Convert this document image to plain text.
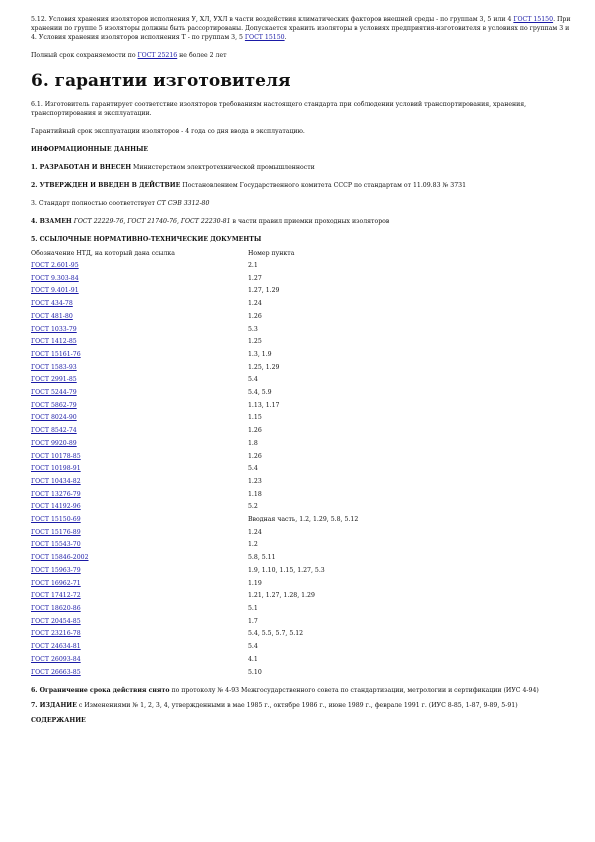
5.12. Условия хранения изоляторов исполнения У, ХЛ, УХЛ в части воздействия климатических факторов внешней среды - по группам 3, 5 или 4 ГОСТ 15150. При хранении по группе 5 изоляторы должны быть рассортированы. Допускается хранить изоляторы в условиях предприятия-изготовителя в условиях по группам 3 и 4. Условия хранения изоляторов исполнения Т - по группам 3, 5 ГОСТ 15150.

Полный срок сохраняемости по ГОСТ 25216 не более 2 лет

6. гарантии изготовителя

6.1. Изготовитель гарантирует соответствие изоляторов требованиям настоящего стандарта при соблюдении условий транспортирования, хранения, транспортирования и эксплуатации.

Гарантийный срок эксплуатации изоляторов - 4 года со дня ввода в эксплуатацию.

ИНФОРМАЦИОННЫЕ ДАННЫЕ

1. РАЗРАБОТАН И ВНЕСЕН Министерством электротехнической промышленности

2. УТВЕРЖДЕН И ВВЕДЕН В ДЕЙСТВИЕ Постановлением Государственного комитета СССР по стандартам от 11.09.83 № 3731

3. Стандарт полностью соответствует СТ СЭВ 3312-80

4. ВЗАМЕН ГОСТ 22229-76, ГОСТ 21740-76, ГОСТ 22230-81 в части правил приемки проходных изоляторов

5. ССЫЛОЧНЫЕ НОРМАТИВНО-ТЕХНИЧЕСКИЕ ДОКУМЕНТЫ

Обозначение НТД, на который дана ссылка	Номер пункта
ГОСТ 2.601-95	2.1
ГОСТ 9.303-84	1.27
ГОСТ 9.401-91	1.27, 1.29
ГОСТ 434-78	1.24
ГОСТ 481-80	1.26
ГОСТ 1033-79	5.3
ГОСТ 1412-85	1.25
ГОСТ 15161-76	1.3, 1.9
ГОСТ 1583-93	1.25, 1.29
ГОСТ 2991-85	5.4
ГОСТ 5244-79	5.4, 5.9
ГОСТ 5862-79	1.13, 1.17
ГОСТ 8024-90	1.15
ГОСТ 8542-74	1.26
ГОСТ 9920-89	1.8
ГОСТ 10178-85	1.26
ГОСТ 10198-91	5.4
ГОСТ 10434-82	1.23
ГОСТ 13276-79	1.18
ГОСТ 14192-96	5.2
ГОСТ 15150-69	Вводная часть, 1.2, 1.29, 5.8, 5.12
ГОСТ 15176-89	1.24
ГОСТ 15543-70	1.2
ГОСТ 15846-2002	5.8, 5.11
ГОСТ 15963-79	1.9, 1.10, 1.15, 1.27, 5.3
ГОСТ 16962-71	1.19
ГОСТ 17412-72	1.21, 1.27, 1.28, 1.29
ГОСТ 18620-86	5.1
ГОСТ 20454-85	1.7
ГОСТ 23216-78	5.4, 5.5, 5.7, 5.12
ГОСТ 24634-81	5.4
ГОСТ 26093-84	4.1
ГОСТ 26663-85	5.10

6. Ограничение срока действия снято по протоколу № 4-93 Межгосударственного совета по стандартизации, метрологии и сертификации (ИУС 4-94)

7. ИЗДАНИЕ с Изменениями № 1, 2, 3, 4, утвержденными в мае 1985 г., октябре 1986 г., июне 1989 г., феврале 1991 г. (ИУС 8-85, 1-87, 9-89, 5-91)

СОДЕРЖАНИЕ
